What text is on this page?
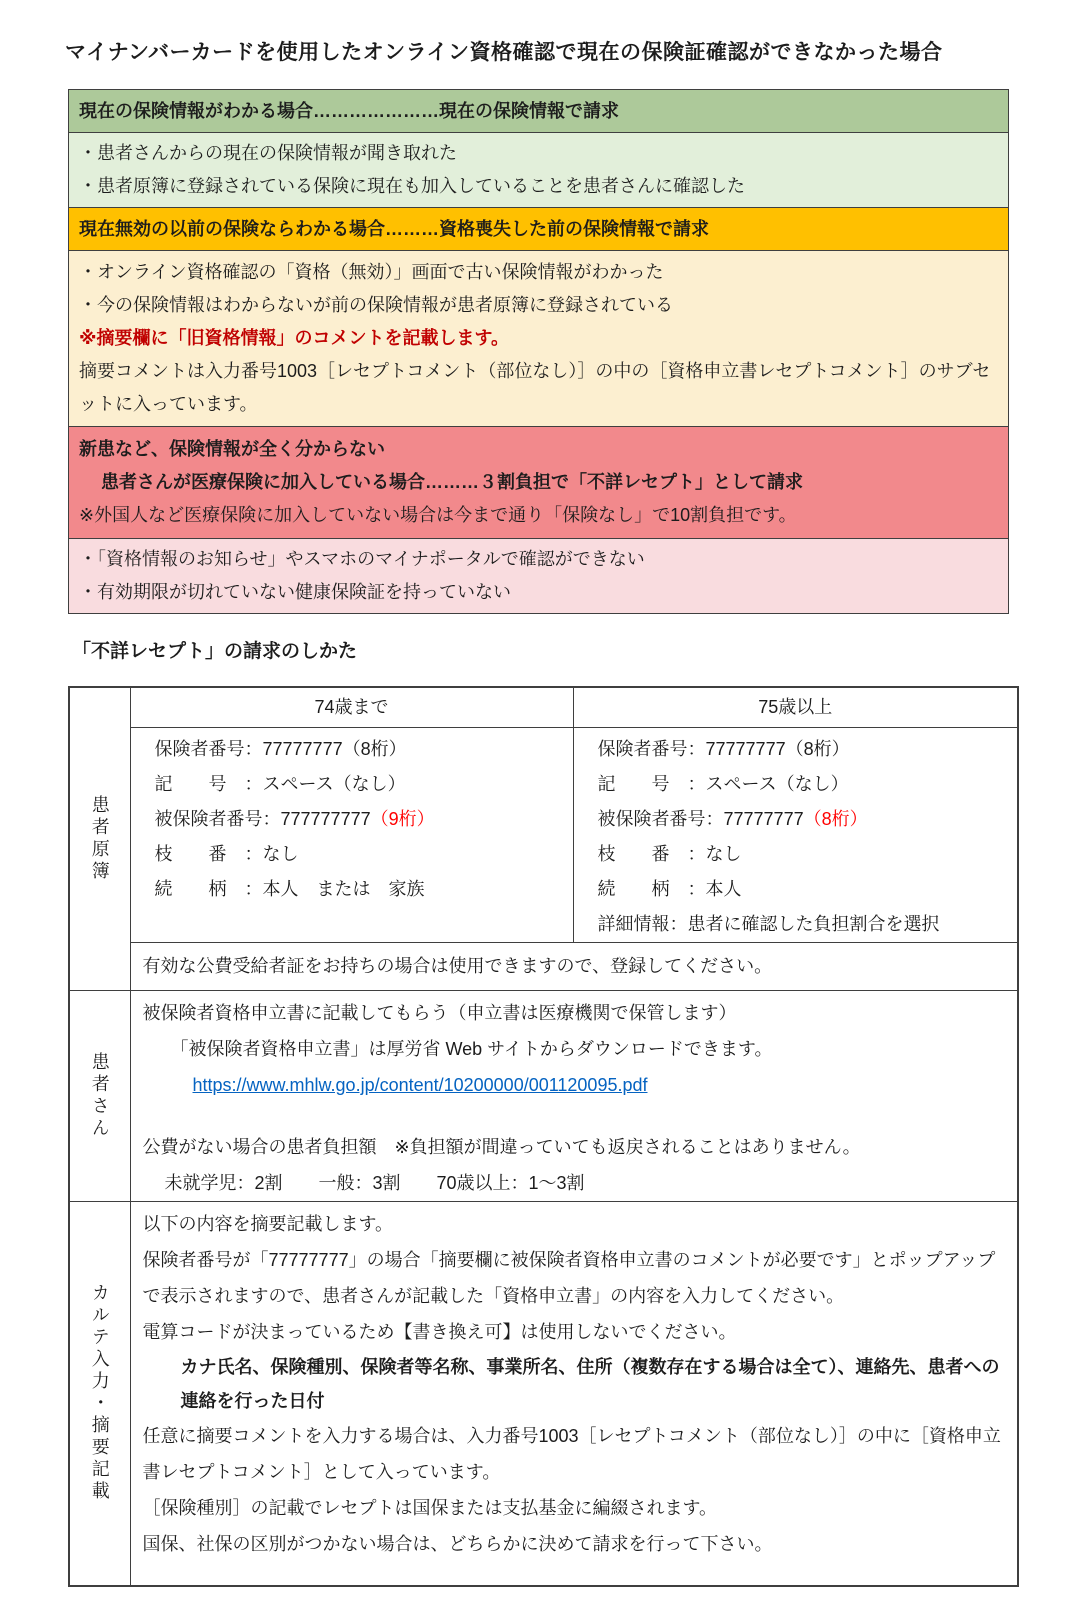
マイナンバーカードを使用したオンライン資格確認で現在の保険証確認ができなかった場合
現在の保険情報がわかる場合…………………現在の保険情報で請求
・患者さんからの現在の保険情報が聞き取れた
・患者原簿に登録されている保険に現在も加入していることを患者さんに確認した
現在無効の以前の保険ならわかる場合………資格喪失した前の保険情報で請求
・オンライン資格確認の「資格（無効）」画面で古い保険情報がわかった
・今の保険情報はわからないが前の保険情報が患者原簿に登録されている
※摘要欄に「旧資格情報」のコメントを記載します。
摘要コメントは入力番号1003［レセプトコメント（部位なし）］の中の［資格申立書レセプトコメント］のサブセットに入っています。
新患など、保険情報が全く分からない
患者さんが医療保険に加入している場合………３割負担で「不詳レセプト」として請求
※外国人など医療保険に加入していない場合は今まで通り「保険なし」で10割負担です。
・「資格情報のお知らせ」やスマホのマイナポータルで確認ができない
・有効期限が切れていない健康保険証を持っていない
「不詳レセプト」の請求のしかた
患者原簿	74歳まで	75歳以上

保険者番号：77777777（8桁）
記　　号　：スペース（なし）
被保険者番号：777777777（9桁）
枝　　番　：なし
続　　柄　：本人　または　家族

保険者番号：77777777（8桁）
記　　号　：スペース（なし）
被保険者番号：77777777（8桁）
枝　　番　：なし
続　　柄　：本人
詳細情報：患者に確認した負担割合を選択

	有効な公費受給者証をお持ちの場合は使用できますので、登録してください。	

患者さん	被保険者資格申立書に記載してもらう（申立書は医療機関で保管します）
「被保険者資格申立書」は厚労省 Web サイトからダウンロードできます。
https://www.mhlw.go.jp/content/10200000/001120095.pdf
公費がない場合の患者負担額　※負担額が間違っていても返戻されることはありません。
未就学児：2割　　一般：3割　　70歳以上：1～3割	

カルテ入力・摘要記載

以下の内容を摘要記載します。
保険者番号が「77777777」の場合「摘要欄に被保険者資格申立書のコメントが必要です」とポップアップで表示されますので、患者さんが記載した「資格申立書」の内容を入力してください。
電算コードが決まっているため【書き換え可】は使用しないでください。
カナ氏名、保険種別、保険者等名称、事業所名、住所（複数存在する場合は全て）、連絡先、患者への連絡を行った日付
任意に摘要コメントを入力する場合は、入力番号1003［レセプトコメント（部位なし）］の中に［資格申立書レセプトコメント］として入っています。
［保険種別］の記載でレセプトは国保または支払基金に編綴されます。
国保、社保の区別がつかない場合は、どちらかに決めて請求を行って下さい。
